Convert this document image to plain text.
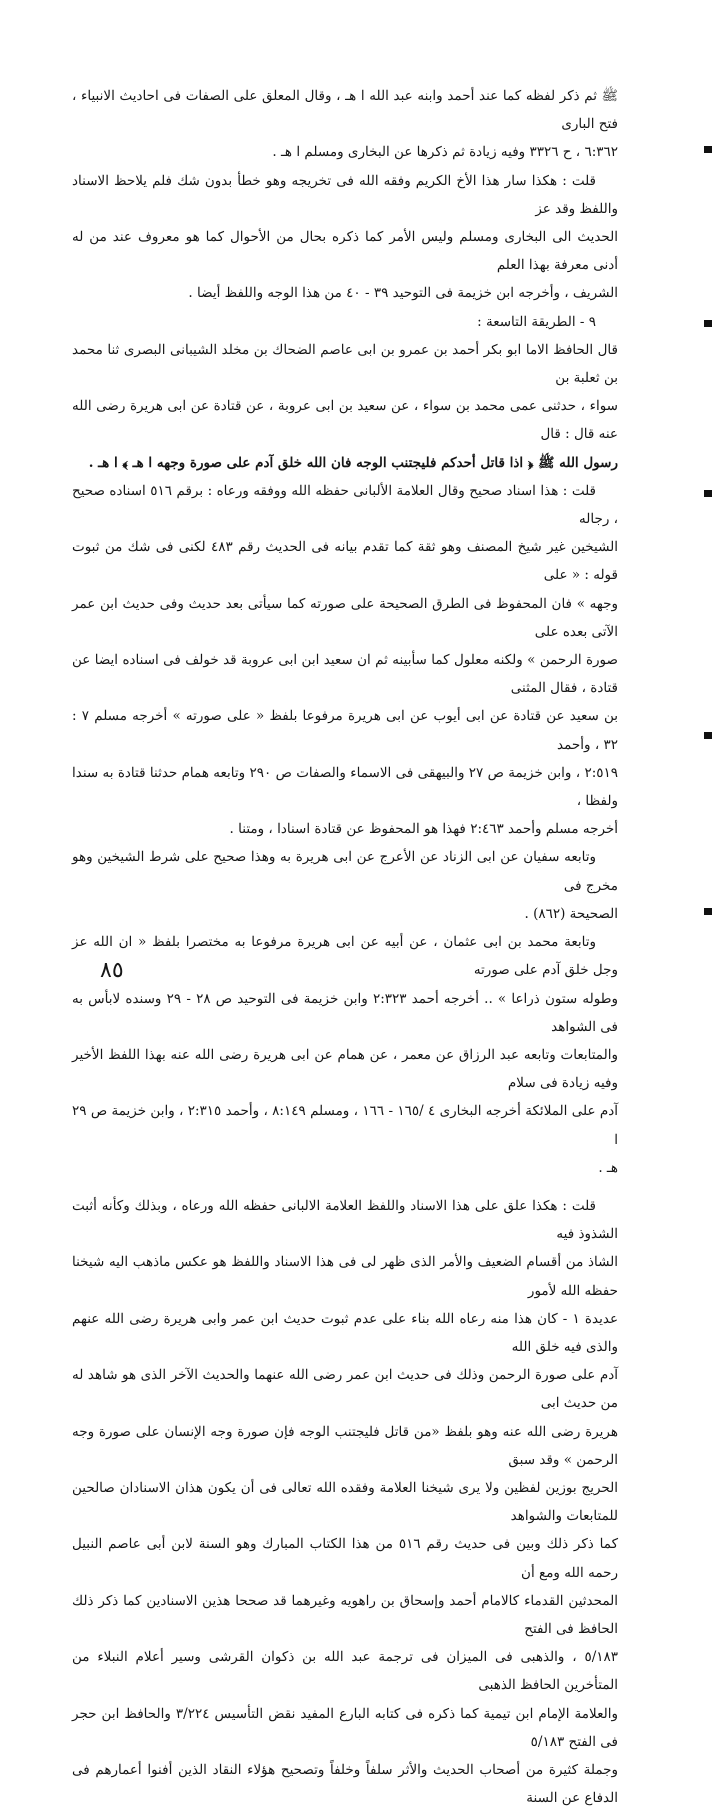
ﷺ ثم ذكر لفظه كما عند أحمد وابنه عبد الله ا هـ ، وقال المعلق على الصفات فى احاديث الانبياء ، فتح البارى

٦:٣٦٢ ، ح ٣٣٢٦ وفيه زيادة ثم ذكرها عن البخارى ومسلم ا هـ .

قلت : هكذا سار هذا الأخ الكريم وفقه الله فى تخريجه وهو خطأ بدون شك فلم يلاحظ الاسناد واللفظ وقد عز

الحديث الى البخارى ومسلم وليس الأمر كما ذكره بحال من الأحوال كما هو معروف عند من له أدنى معرفة بهذا العلم

الشريف ، وأخرجه ابن خزيمة فى التوحيد ٣٩ - ٤٠ من هذا الوجه واللفظ أيضا .

٩ - الطريقة التاسعة :

قال الحافظ الاما ابو بكر أحمد بن عمرو بن ابى عاصم الضحاك بن مخلد الشيبانى البصرى ثنا محمد بن ثعلبة بن

سواء ، حدثنى عمى محمد بن سواء ، عن سعيد بن ابى عروبة ، عن قتادة عن ابى هريرة رضى الله عنه قال : قال

رسول الله ﷺ ﴿ اذا قاتل أحدكم فليجتنب الوجه فان الله خلق آدم على صورة وجهه ا هـ ﴾ ا هـ .

قلت : هذا اسناد صحيح وقال العلامة الألبانى حفظه الله ووفقه ورعاه : برقم ٥١٦ اسناده صحيح ، رجاله

الشيخين غير شيخ المصنف وهو ثقة كما تقدم بيانه فى الحديث رقم ٤٨٣ لكنى فى شك من ثبوت قوله : « على

وجهه » فان المحفوظ فى الطرق الصحيحة على صورته كما سيأتى بعد حديث وفى حديث ابن عمر الآتى بعده على

صورة الرحمن » ولكنه معلول كما سأبينه ثم ان سعيد ابن ابى عروبة قد خولف فى اسناده ايضا عن قتادة ، فقال المثنى

بن سعيد عن قتادة عن ابى أيوب عن ابى هريرة مرفوعا بلفظ « على صورته » أخرجه مسلم ٧ : ٣٢ ، وأحمد

٢:٥١٩ ، وابن خزيمة ص ٢٧ والبيهقى فى الاسماء والصفات ص ٢٩٠ وتابعه همام حدثنا قتادة به سندا ولفظا ،

أخرجه مسلم وأحمد ٢:٤٦٣ فهذا هو المحفوظ عن قتادة اسنادا ، ومتنا .

وتابعه سفيان عن ابى الزناد عن الأعرج عن ابى هريرة به وهذا صحيح على شرط الشيخين وهو مخرج فى

الصحيحة (٨٦٢) .

وتابعة محمد بن ابى عثمان ، عن أبيه عن ابى هريرة مرفوعا به مختصرا بلفظ « ان الله عز وجل خلق آدم على صورته

وطوله ستون ذراعا » .. أخرجه أحمد ٢:٣٢٣ وابن خزيمة فى التوحيد ص ٢٨ - ٢٩ وسنده لابأس به فى الشواهد

والمتابعات وتابعه عبد الرزاق عن معمر ، عن همام عن ابى هريرة رضى الله عنه بهذا اللفظ الأخير وفيه زيادة فى سلام

آدم على الملائكة أخرجه البخارى ٤ /١٦٥ - ١٦٦ ، ومسلم ٨:١٤٩ ، وأحمد ٢:٣١٥ ، وابن خزيمة ص ٢٩ ا

هـ .

قلت : هكذا علق على هذا الاسناد واللفظ العلامة الالبانى حفظه الله ورعاه ، وبذلك وكأنه أثبت الشذوذ فيه

الشاذ من أقسام الضعيف والأمر الذى ظهر لى فى هذا الاسناد واللفظ هو عكس ماذهب اليه شيخنا حفظه الله لأمور

عديدة ١ - كان هذا منه رعاه الله بناء على عدم ثبوت حديث ابن عمر وابى هريرة رضى الله عنهم والذى فيه خلق الله

آدم على صورة الرحمن وذلك فى حديث ابن عمر رضى الله عنهما والحديث الآخر الذى هو شاهد له من حديث ابى

هريرة رضى الله عنه وهو بلفظ «من قاتل فليجتنب الوجه فإن صورة وجه الإنسان على صورة وجه الرحمن » وقد سبق

الحريج بوزين لفظين ولا يرى شيخنا العلامة وفقده الله تعالى فى أن يكون هذان الاسنادان صالحين للمتابعات والشواهد

كما ذكر ذلك وبين فى حديث رقم ٥١٦ من هذا الكتاب المبارك وهو السنة لابن أبى عاصم النبيل رحمه الله ومع أن

المحدثين القدماء كالامام أحمد وإسحاق بن راهويه وغيرهما قد صححا هذين الاسنادين كما ذكر ذلك الحافظ فى الفتح

٥/١٨٣ ، والذهبى فى الميزان فى ترجمة عبد الله بن ذكوان القرشى وسير أعلام النبلاء من المتأخرين الحافظ الذهبى

والعلامة الإمام ابن تيمية كما ذكره فى كتابه البارع المفيد نقض التأسيس ٣/٢٢٤ والحافظ ابن حجر فى الفتح ٥/١٨٣

وجملة كثيرة من أصحاب الحديث والأثر سلفاً وخلفاً وتصحيح هؤلاء النقاد الذين أفنوا أعمارهم فى الدفاع عن السنة

٨٥
